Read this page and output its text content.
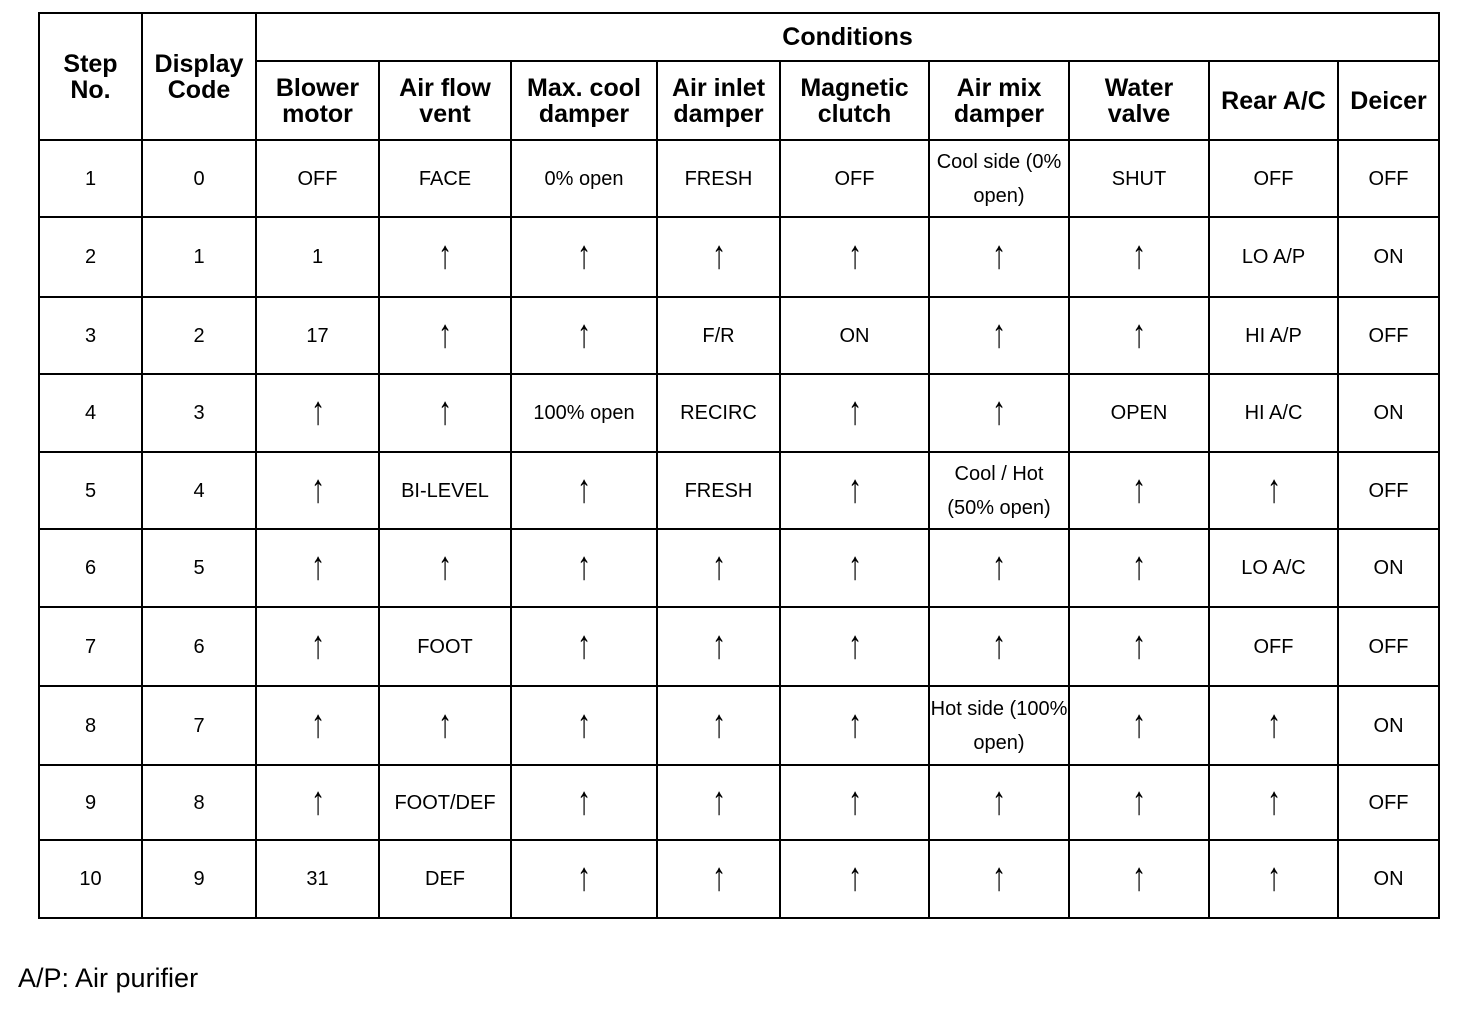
Step No.	Display Code	Conditions								
		Blower motor	Air flow vent	Max. cool damper	Air inlet damper	Magnetic clutch	Air mix damper	Water valve	Rear A/C	Deicer
1	0	OFF	FACE	0% open	FRESH	OFF	Cool side (0% open)	SHUT	OFF	OFF
2	1	1	↑	↑	↑	↑	↑	↑	LO A/P	ON
3	2	17	↑	↑	F/R	ON	↑	↑	HI A/P	OFF
4	3	↑	↑	100% open	RECIRC	↑	↑	OPEN	HI A/C	ON
5	4	↑	BI-LEVEL	↑	FRESH	↑	Cool / Hot (50% open)	↑	↑	OFF
6	5	↑	↑	↑	↑	↑	↑	↑	LO A/C	ON
7	6	↑	FOOT	↑	↑	↑	↑	↑	OFF	OFF
8	7	↑	↑	↑	↑	↑	Hot side (100% open)	↑	↑	ON
9	8	↑	FOOT/DEF	↑	↑	↑	↑	↑	↑	OFF
10	9	31	DEF	↑	↑	↑	↑	↑	↑	ON
A/P: Air purifier
